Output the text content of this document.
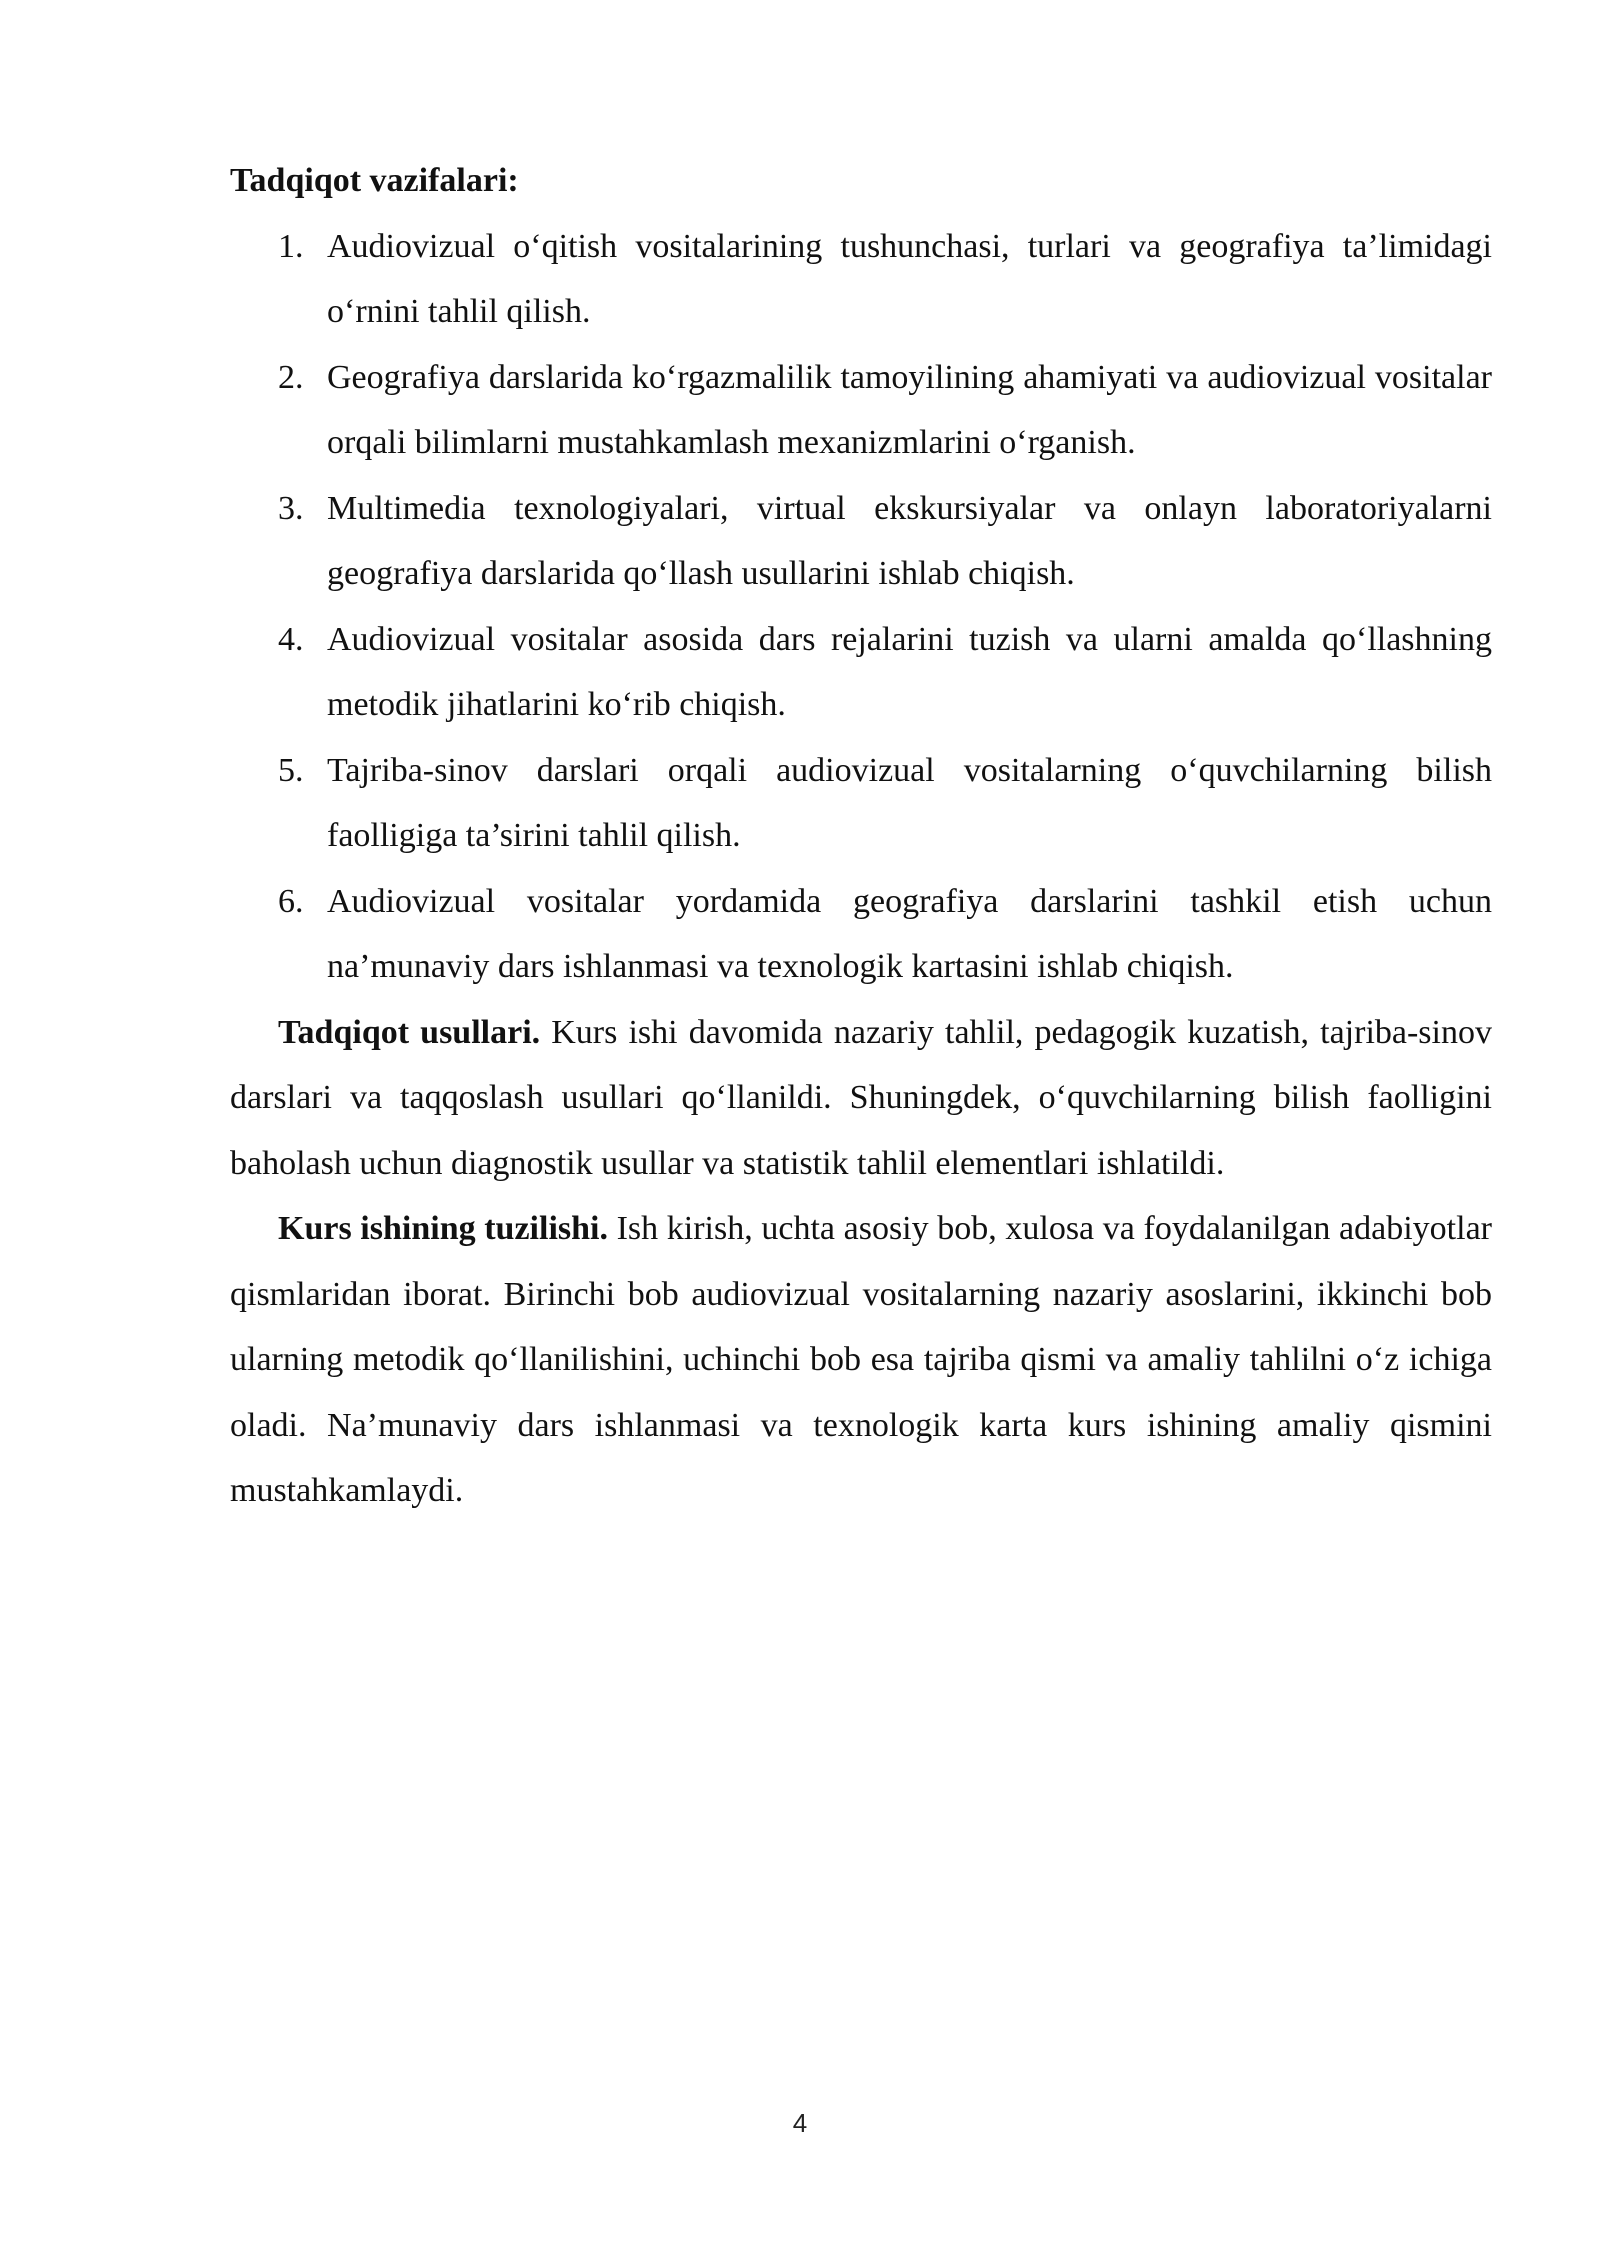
Tadqiqot vazifalari:

1. Audiovizual o‘qitish vositalarining tushunchasi, turlari va geografiya ta’limidagi o‘rnini tahlil qilish.
2. Geografiya darslarida ko‘rgazmalilik tamoyilining ahamiyati va audiovizual vositalar orqali bilimlarni mustahkamlash mexanizmlarini o‘rganish.
3. Multimedia texnologiyalari, virtual ekskursiyalar va onlayn laboratoriyalarni geografiya darslarida qo‘llash usullarini ishlab chiqish.
4. Audiovizual vositalar asosida dars rejalarini tuzish va ularni amalda qo‘llashning metodik jihatlarini ko‘rib chiqish.
5. Tajriba-sinov darslari orqali audiovizual vositalarning o‘quvchilarning bilish faolligiga ta’sirini tahlil qilish.
6. Audiovizual vositalar yordamida geografiya darslarini tashkil etish uchun na’munaviy dars ishlanmasi va texnologik kartasini ishlab chiqish.

Tadqiqot usullari. Kurs ishi davomida nazariy tahlil, pedagogik kuzatish, tajriba-sinov darslari va taqqoslash usullari qo‘llanildi. Shuningdek, o‘quvchilarning bilish faolligini baholash uchun diagnostik usullar va statistik tahlil elementlari ishlatildi.

Kurs ishining tuzilishi. Ish kirish, uchta asosiy bob, xulosa va foydalanilgan adabiyotlar qismlaridan iborat. Birinchi bob audiovizual vositalarning nazariy asoslarini, ikkinchi bob ularning metodik qo‘llanilishini, uchinchi bob esa tajriba qismi va amaliy tahlilni o‘z ichiga oladi. Na’munaviy dars ishlanmasi va texnologik karta kurs ishining amaliy qismini mustahkamlaydi.

4
